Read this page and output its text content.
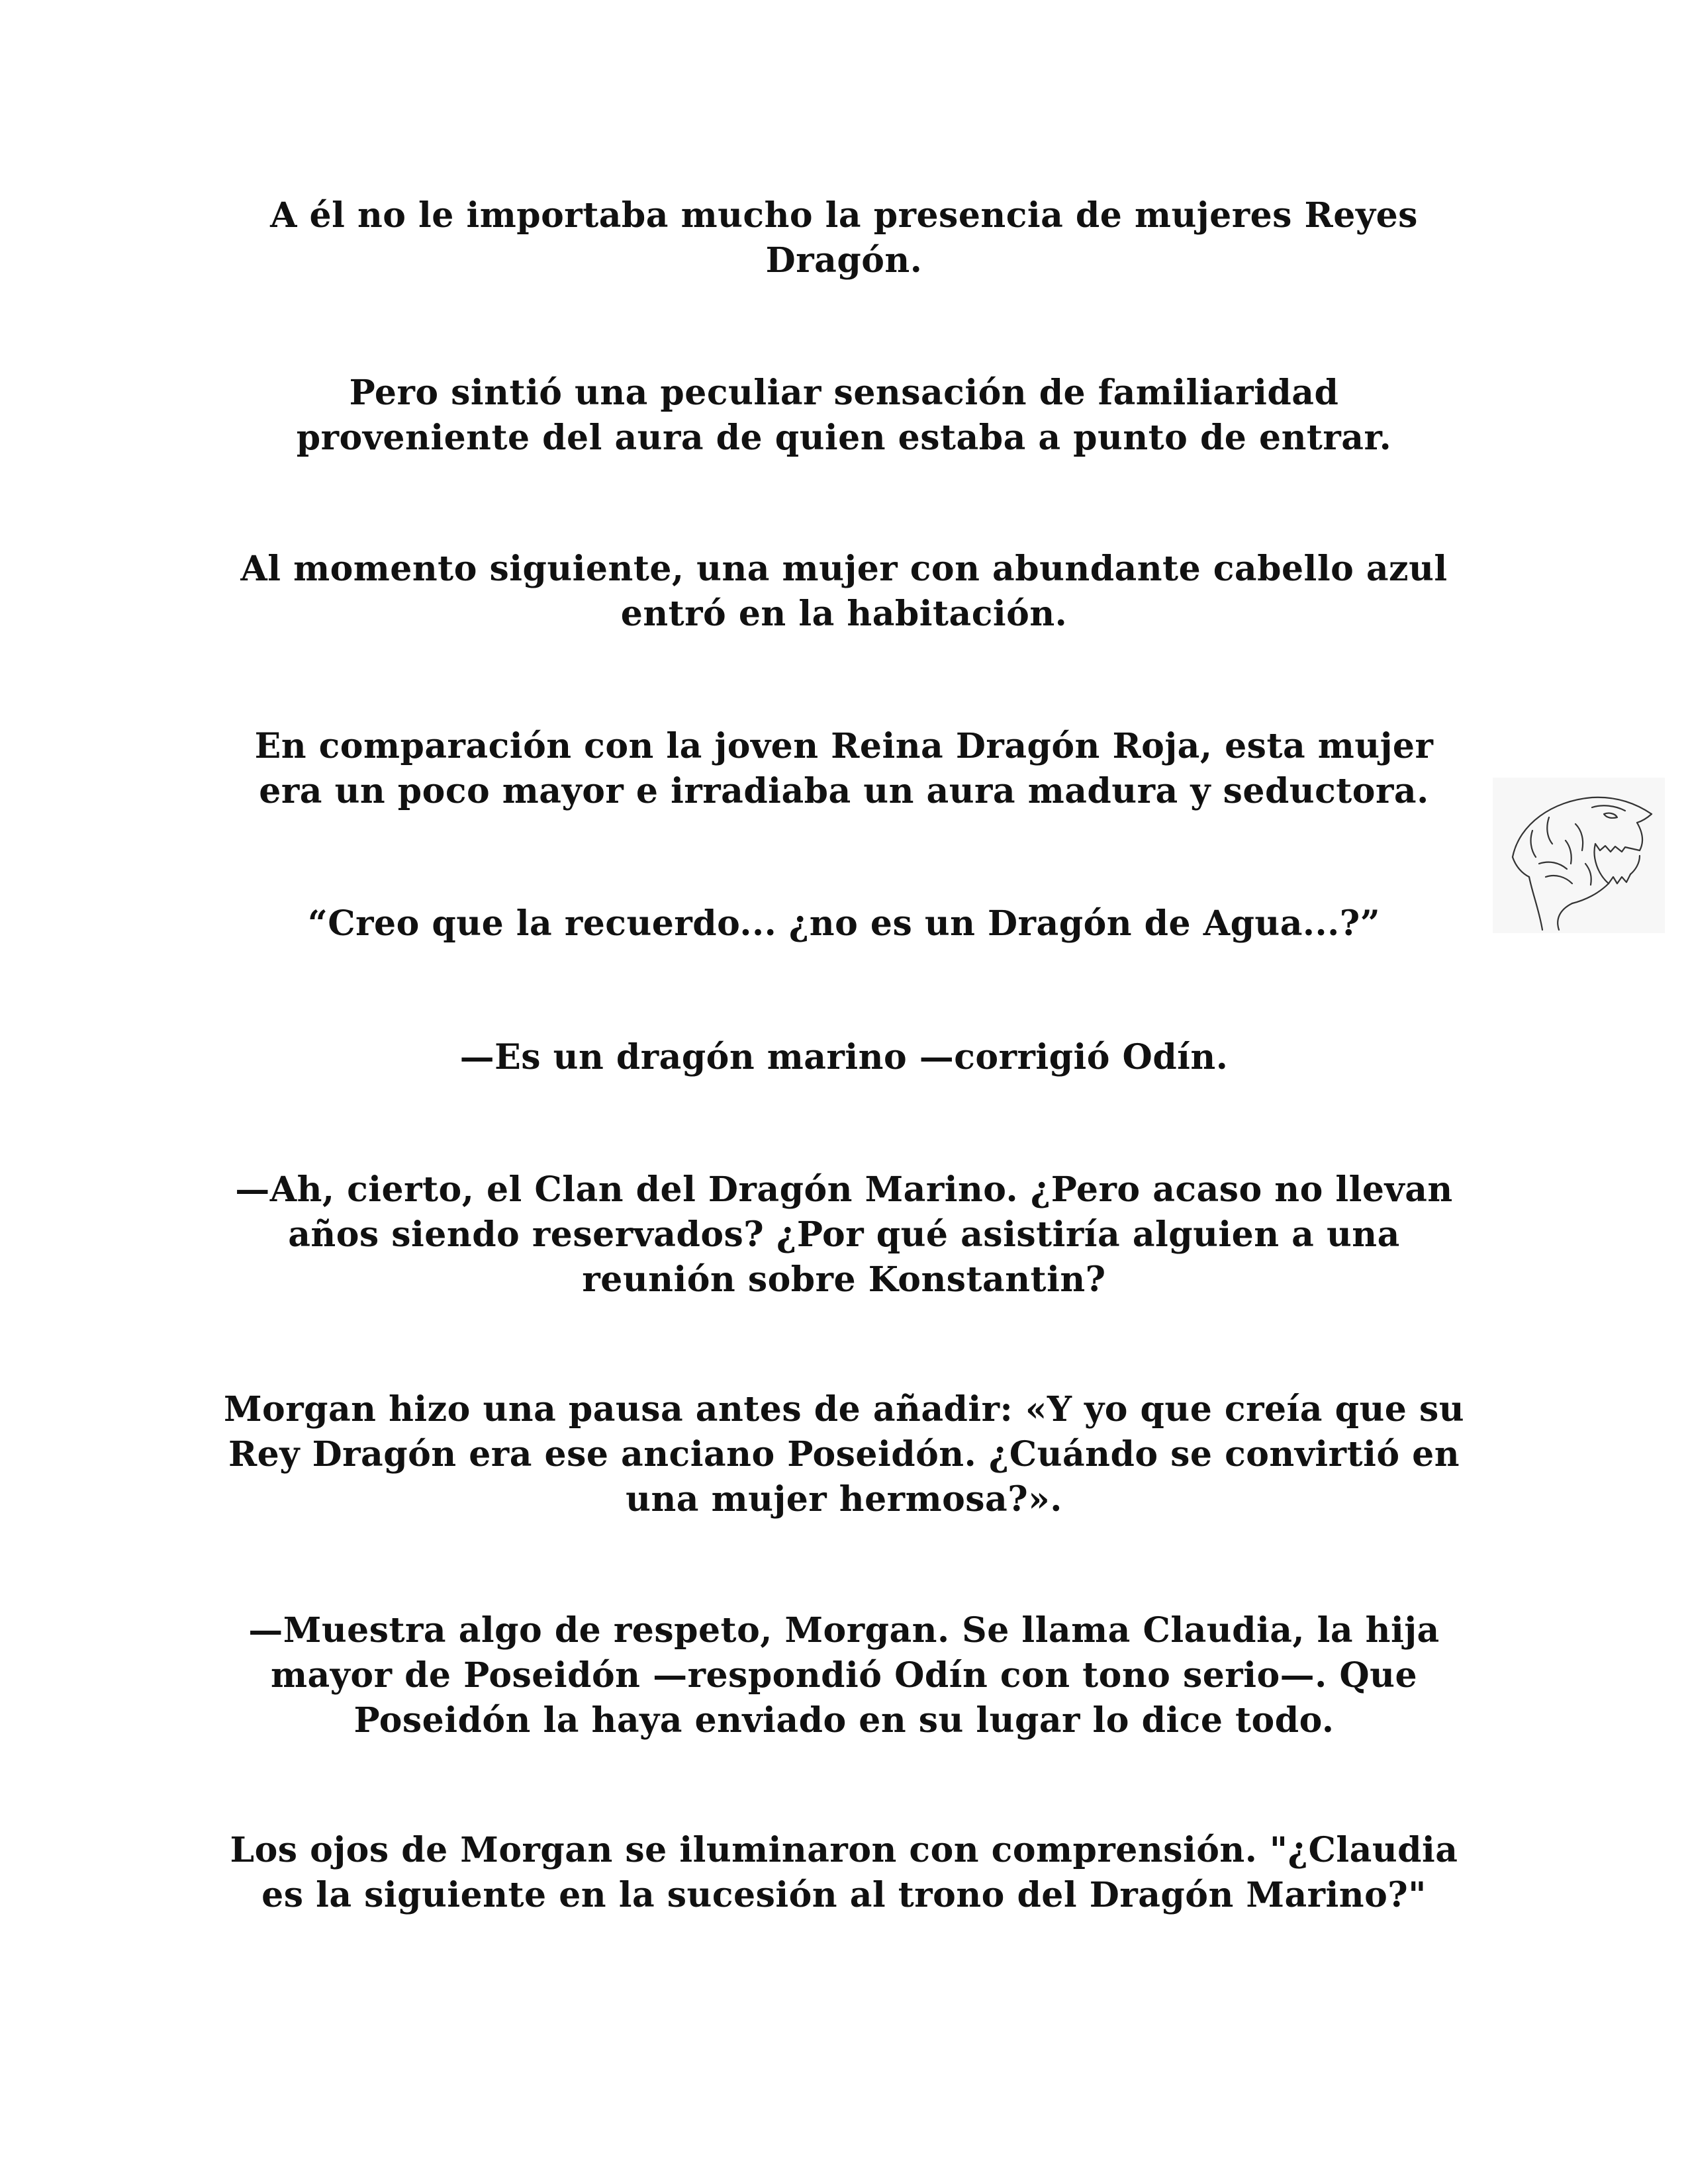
A él no le importaba mucho la presencia de mujeres Reyes
Dragón.

Pero sintió una peculiar sensación de familiaridad
proveniente del aura de quien estaba a punto de entrar.

Al momento siguiente, una mujer con abundante cabello azul
entró en la habitación.

En comparación con la joven Reina Dragón Roja, esta mujer
era un poco mayor e irradiaba un aura madura y seductora.

“Creo que la recuerdo... ¿no es un Dragón de Agua...?”

—Es un dragón marino —corrigió Odín.

—Ah, cierto, el Clan del Dragón Marino. ¿Pero acaso no llevan
años siendo reservados? ¿Por qué asistiría alguien a una
reunión sobre Konstantin?

Morgan hizo una pausa antes de añadir: «Y yo que creía que su
Rey Dragón era ese anciano Poseidón. ¿Cuándo se convirtió en
una mujer hermosa?».

—Muestra algo de respeto, Morgan. Se llama Claudia, la hija
mayor de Poseidón —respondió Odín con tono serio—. Que
Poseidón la haya enviado en su lugar lo dice todo.

Los ojos de Morgan se iluminaron con comprensión. "¿Claudia
es la siguiente en la sucesión al trono del Dragón Marino?"
